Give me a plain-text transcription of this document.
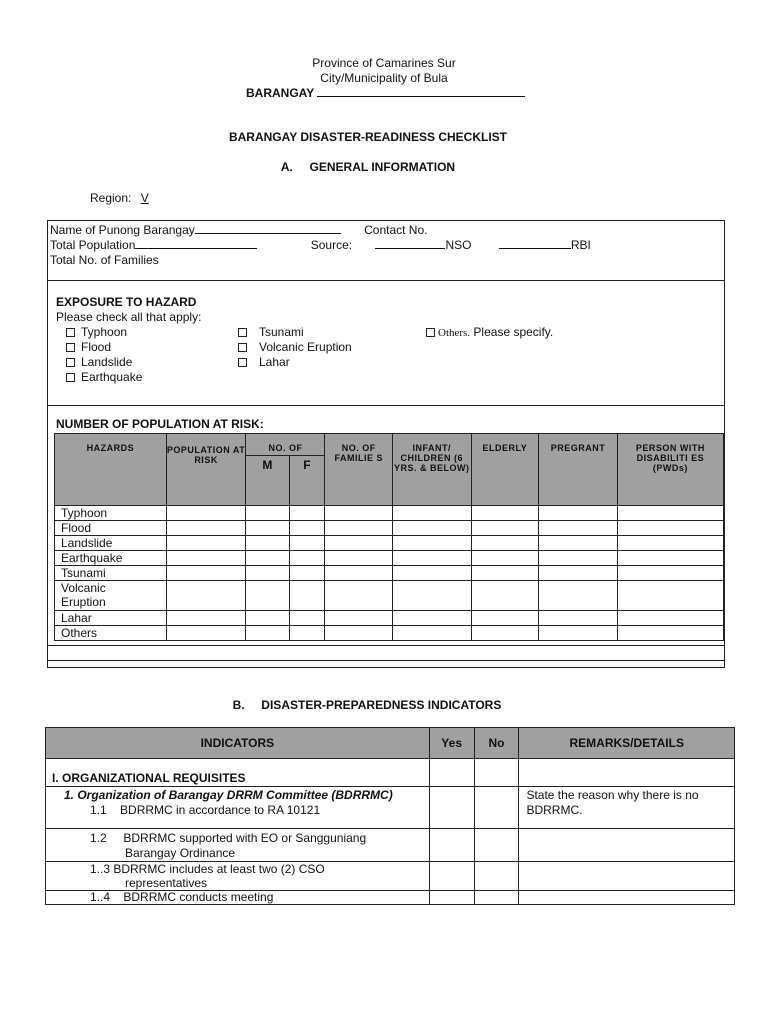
Province of Camarines Sur
City/Municipality of Bula
BARANGAY
BARANGAY DISASTER-READINESS CHECKLIST
A.     GENERAL INFORMATION
Region: V
Name of Punong Barangay	Contact No.
Total Population	Source:	NSO	RBI
Total No. of Families
EXPOSURE TO HAZARD
Please check all that apply:
Typhoon
Flood
Landslide
Earthquake
Tsunami
Volcanic Eruption
Lahar
Others. Please specify.
NUMBER OF POPULATION AT RISK:
HAZARDS	POPULATION AT RISK	NO. OF		NO. OF FAMILIE S	INFANT/ CHILDREN (6 YRS. & BELOW)	ELDERLY	PREGRANT	PERSON WITH DISABILITI ES (PWDs)
		M	F					
Typhoon								
Flood								
Landslide								
Earthquake								
Tsunami								
Volcanic Eruption								
Lahar								
Others								
B.     DISASTER-PREPAREDNESS INDICATORS
INDICATORS	Yes	No	REMARKS/DETAILS
I. ORGANIZATIONAL REQUISITES			

1. Organization of Barangay DRRM Committee (BDRRMC)
1.1    BDRRMC in accordance to RA 10121			State the reason why there is no BDRRMC.

1.2     BDRRMC supported with EO or Sangguniang
Barangay Ordinance			

1..3 BDRRMC includes at least two (2) CSO
representatives			

1..4    BDRRMC conducts meeting			
